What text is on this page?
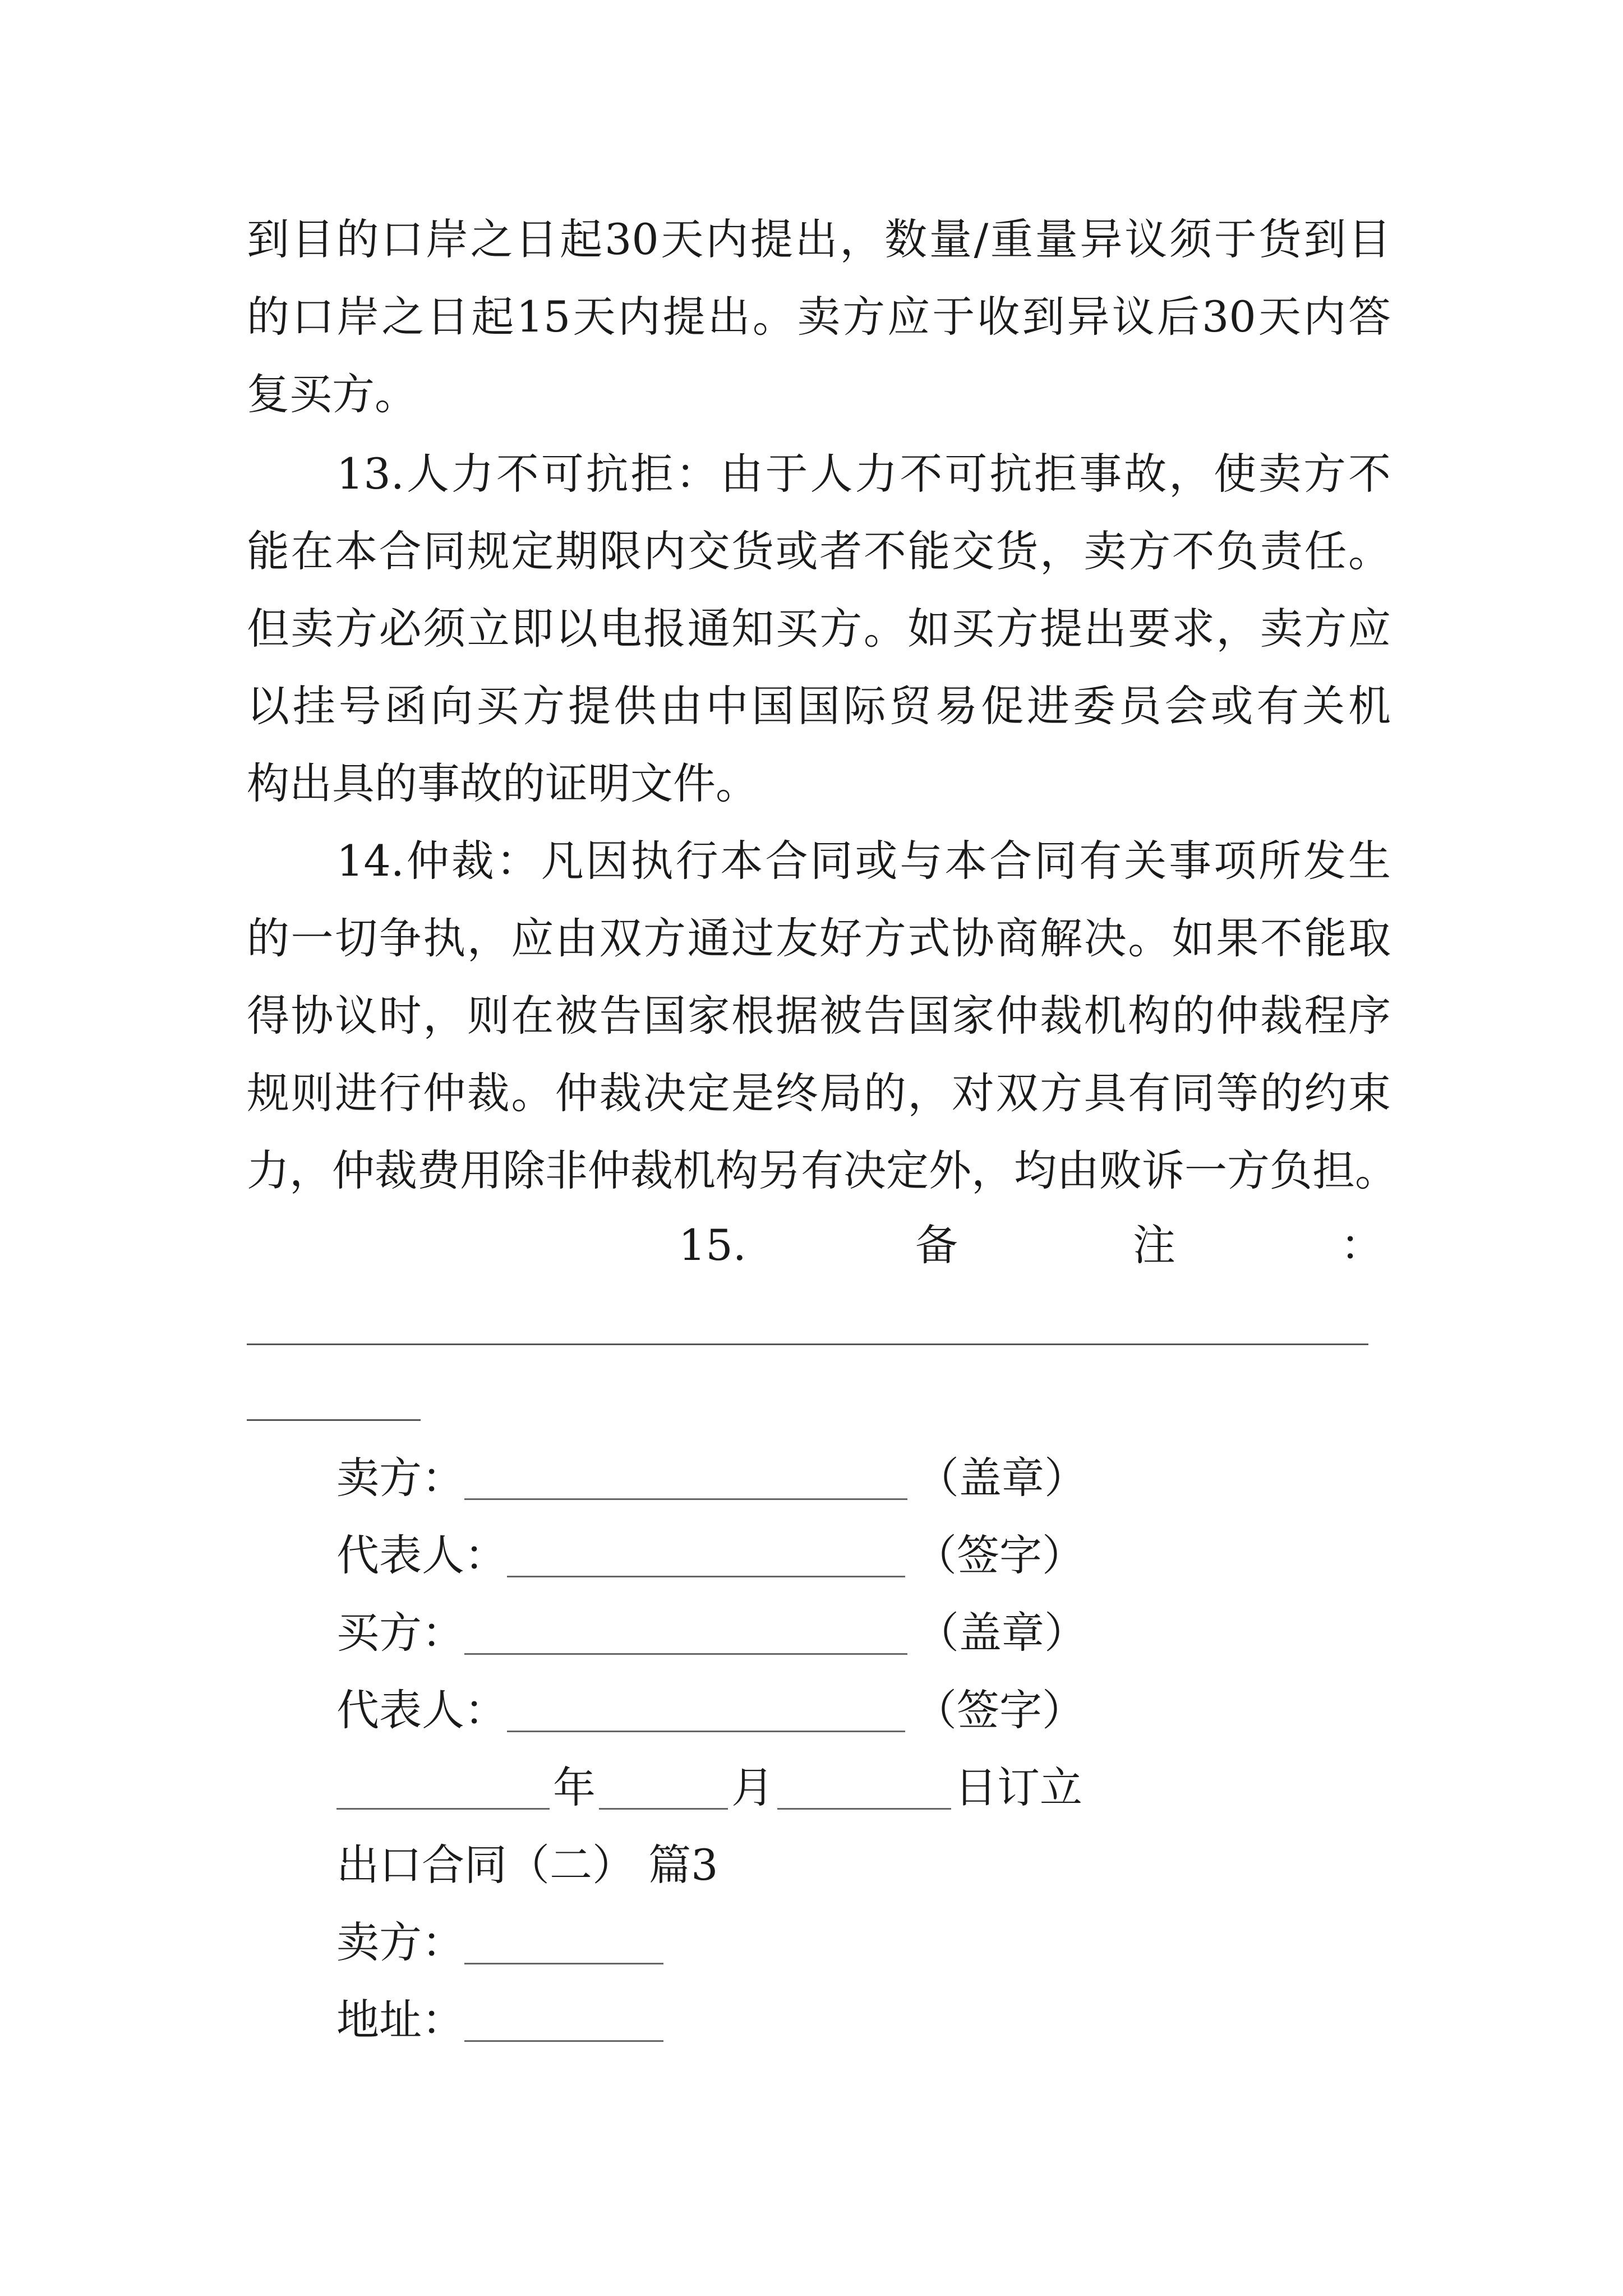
到目的口岸之日起30天内提出，数量/重量异议须于货到目
的口岸之日起15天内提出。卖方应于收到异议后30天内答
复买方。
13.人力不可抗拒：由于人力不可抗拒事故，使卖方不
能在本合同规定期限内交货或者不能交货，卖方不负责任。
但卖方必须立即以电报通知买方。如买方提出要求，卖方应
以挂号函向买方提供由中国国际贸易促进委员会或有关机
构出具的事故的证明文件。
14.仲裁：凡因执行本合同或与本合同有关事项所发生
的一切争执，应由双方通过友好方式协商解决。如果不能取
得协议时，则在被告国家根据被告国家仲裁机构的仲裁程序
规则进行仲裁。仲裁决定是终局的，对双方具有同等的约束
力，仲裁费用除非仲裁机构另有决定外，均由败诉一方负担。
15.	备	注	：
卖方：	（盖章）
代表人：	（签字）
买方：	（盖章）
代表人：	（签字）
年	月	日订立
出口合同（二） 篇3
卖方：
地址：
